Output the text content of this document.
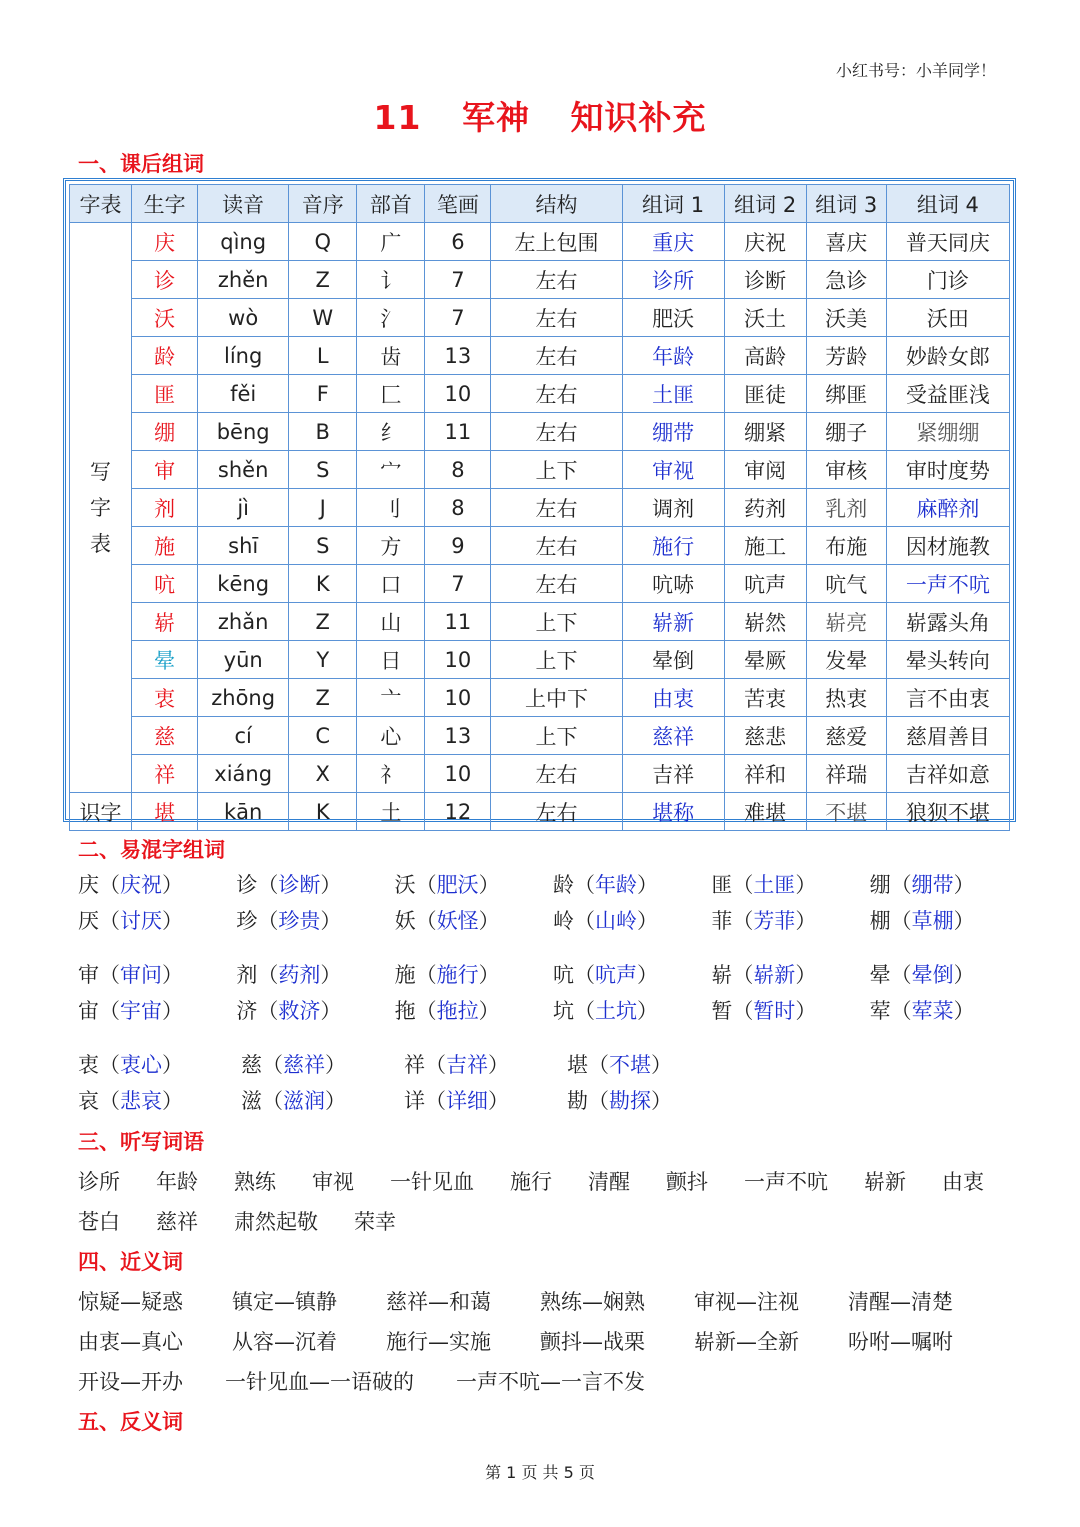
小红书号：小羊同学！
11 军神 知识补充
一、课后组词
字表	生字	读音	音序	部首	笔画	结构	组词 1	组词 2	组词 3	组词 4
写
字
表	庆	qìng	Q	广	6	左上包围	重庆	庆祝	喜庆	普天同庆
	诊	zhěn	Z	讠	7	左右	诊所	诊断	急诊	门诊
	沃	wò	W	氵	7	左右	肥沃	沃土	沃美	沃田
	龄	líng	L	齿	13	左右	年龄	高龄	芳龄	妙龄女郎
	匪	fěi	F	匚	10	左右	土匪	匪徒	绑匪	受益匪浅
	绷	bēng	B	纟	11	左右	绷带	绷紧	绷子	紧绷绷
	审	shěn	S	宀	8	上下	审视	审阅	审核	审时度势
	剂	jì	J	刂	8	左右	调剂	药剂	乳剂	麻醉剂
	施	shī	S	方	9	左右	施行	施工	布施	因材施教
	吭	kēng	K	口	7	左右	吭哧	吭声	吭气	一声不吭
	崭	zhǎn	Z	山	11	上下	崭新	崭然	崭亮	崭露头角
	晕	yūn	Y	日	10	上下	晕倒	晕厥	发晕	晕头转向
	衷	zhōng	Z	亠	10	上中下	由衷	苦衷	热衷	言不由衷
	慈	cí	C	心	13	上下	慈祥	慈悲	慈爱	慈眉善目
	祥	xiáng	X	礻	10	左右	吉祥	祥和	祥瑞	吉祥如意
识字	堪	kān	K	土	12	左右	堪称	难堪	不堪	狼狈不堪
二、易混字组词
庆（庆祝）	诊（诊断）	沃（肥沃）	龄（年龄）	匪（土匪）	绷（绷带）
厌（讨厌）	珍（珍贵）	妖（妖怪）	岭（山岭）	菲（芳菲）	棚（草棚）
审（审问）	剂（药剂）	施（施行）	吭（吭声）	崭（崭新）	晕（晕倒）
宙（宇宙）	济（救济）	拖（拖拉）	坑（土坑）	暂（暂时）	荤（荤菜）
衷（衷心）	慈（慈祥）	祥（吉祥）	堪（不堪）
哀（悲哀）	滋（滋润）	详（详细）	勘（勘探）
三、听写词语
诊所 年龄 熟练 审视 一针见血 施行 清醒 颤抖 一声不吭 崭新 由衷
苍白 慈祥 肃然起敬 荣幸
四、近义词
惊疑—疑惑 镇定—镇静 慈祥—和蔼 熟练—娴熟 审视—注视 清醒—清楚
由衷—真心 从容—沉着 施行—实施 颤抖—战栗 崭新—全新 吩咐—嘱咐
开设—开办 一针见血—一语破的 一声不吭—一言不发
五、反义词
第 1 页 共 5 页
